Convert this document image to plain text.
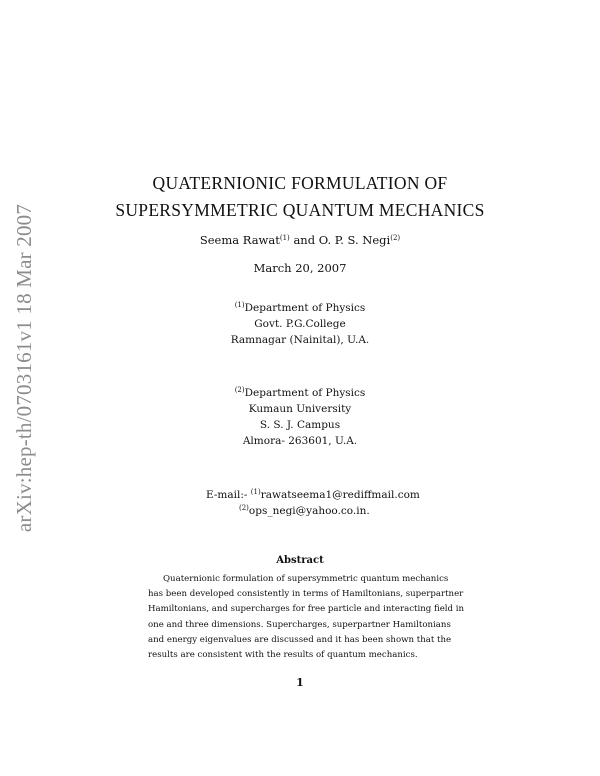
arXiv:hep-th/0703161v1 18 Mar 2007
QUATERNIONIC FORMULATION OF
SUPERSYMMETRIC QUANTUM MECHANICS
Seema Rawat$^{(1)}$ and O. P. S. Negi$^{(2)}$
March 20, 2007
$^{(1)}$Department of Physics
Govt. P.G.College
Ramnagar (Nainital), U.A.
$^{(2)}$Department of Physics
Kumaun University
S. S. J. Campus
Almora- 263601, U.A.
E-mail:- $^{(1)}$rawatseema1@rediffmail.com
$^{(2)}$ops_negi@yahoo.co.in.
Abstract
Quaternionic formulation of supersymmetric quantum mechanics
has been developed consistently in terms of Hamiltonians, superpartner
Hamiltonians, and supercharges for free particle and interacting field in
one and three dimensions. Supercharges, superpartner Hamiltonians
and energy eigenvalues are discussed and it has been shown that the
results are consistent with the results of quantum mechanics.
1
